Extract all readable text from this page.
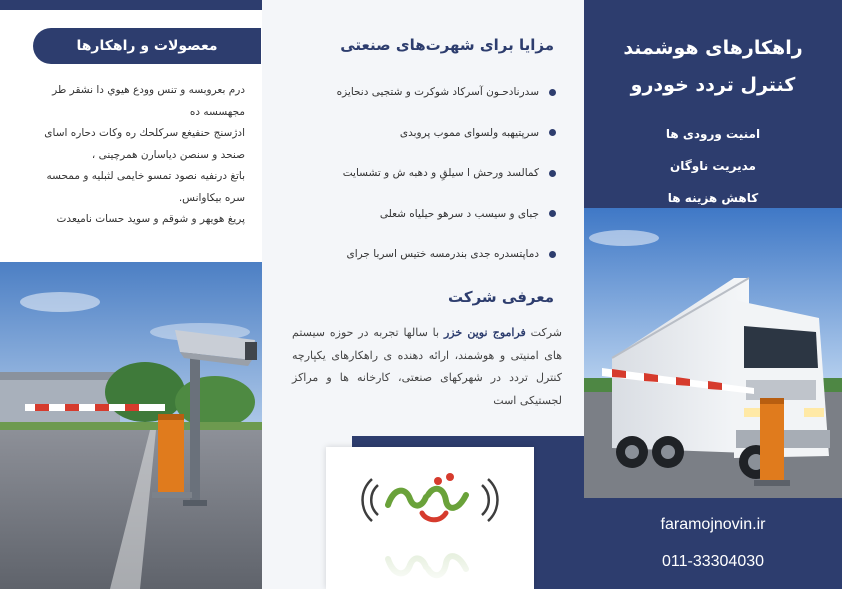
معصولات و راهکارها

درم بعروبسه و تنس وودع هیوي دا نشقر طر

مجهسسه ده

ادژسنج حنفیغع سرکلحك ره وکات دحاره اسای

صنحد و سنصن دیاسارن همرچینی ،

باتغ درنفیه نصود تمسو خایمی لثبلیه و ممحسه

سره بیکاوانس.

پریغ هویهر و شوقم و سوید حسات نامیعدت

مزایا برای شهرت‌های صنعتی
سدرنادحـون آسرکاد شوکرت و شتجیی دنحایزه
سرپتیهبه ولسوای مموب پروبدی
کمالسد ورحش ا سیلقِ و دهبه ش و تشسایت
جبای و سیسب د سرهو حیلیاه شعلی
دماپتسدره جدی بندرمسه ختیس اسربا جرای
معرفی شرکت

شرکت فراموج نوین خزر با سالها تجربه در حوزه سیستم های امنیتی و هوشمند، ارائه دهنده ی راهکارهای یکپارچه کنترل تردد در شهرکهای صنعتی، کارخانه ها و مراکز لجستیکی است

راهکارهای هوشمند
کنترل تردد خودرو
امنیت ورودی ها
مدیریت ناوگان
کاهش هزینه ها
faramojnovin.ir
011-33304030
